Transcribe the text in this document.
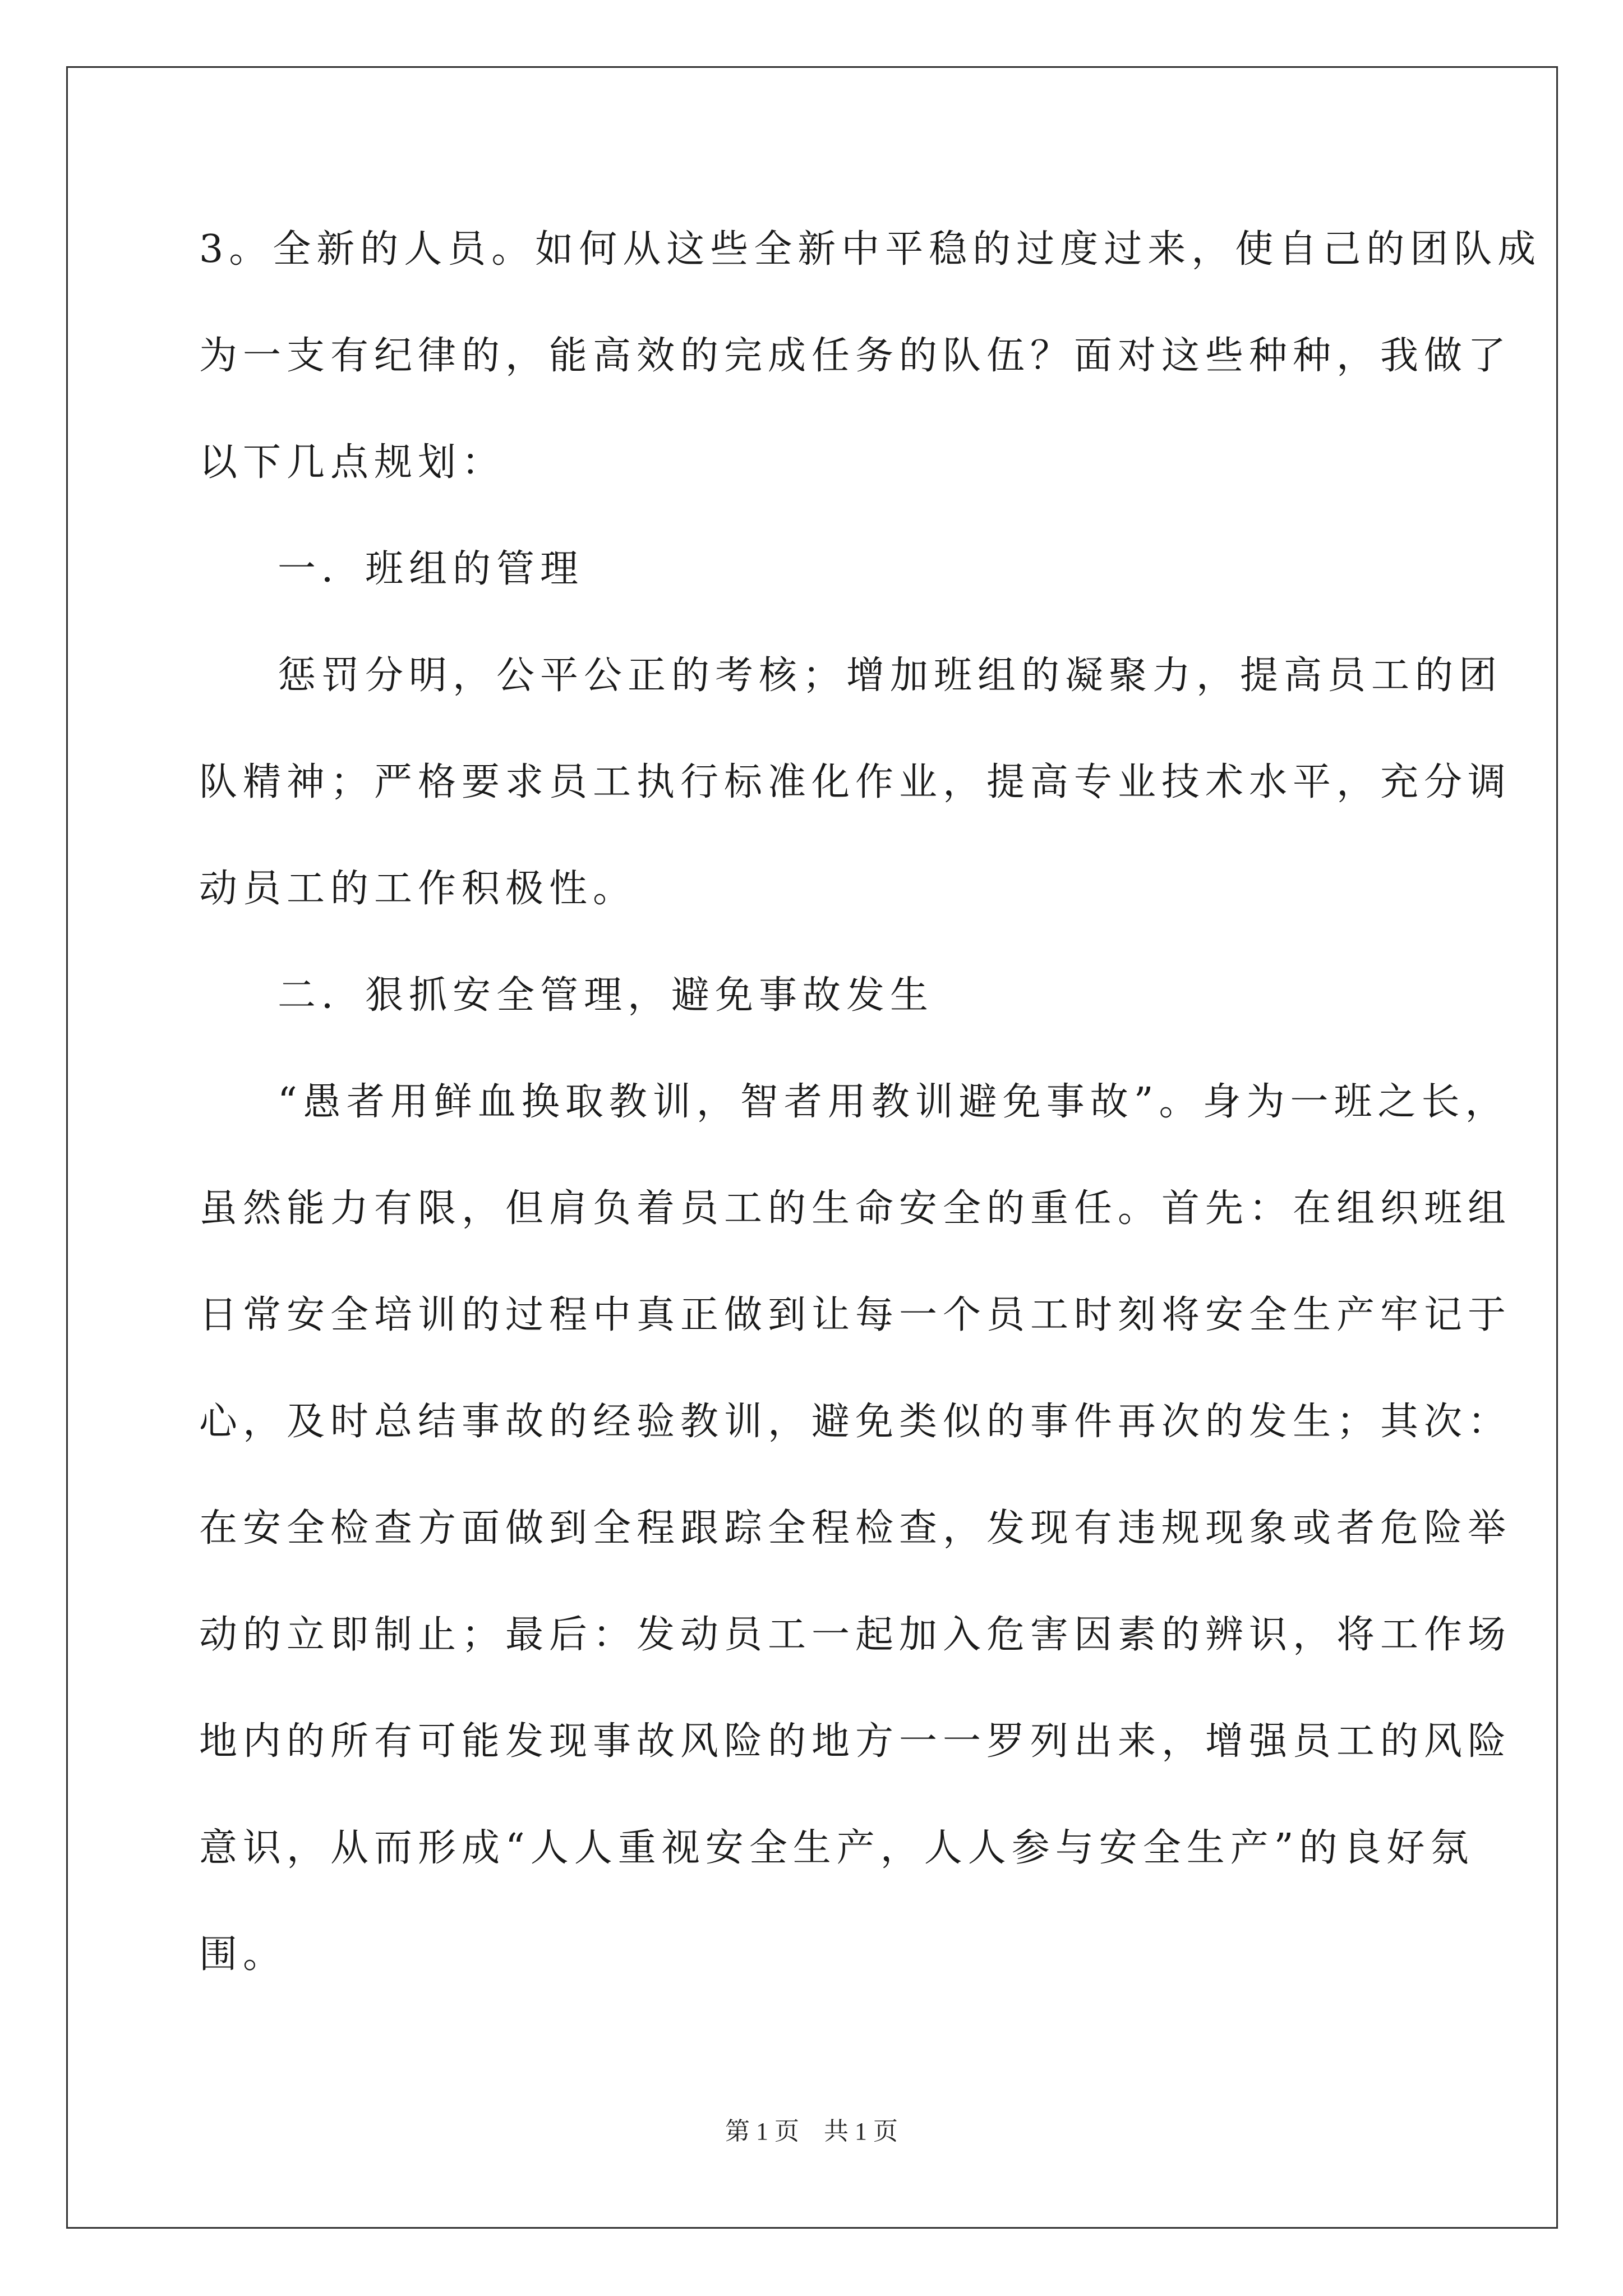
3。全新的人员。如何从这些全新中平稳的过度过来，使自己的团队成
为一支有纪律的，能高效的完成任务的队伍？面对这些种种，我做了
以下几点规划：
一．班组的管理
惩罚分明，公平公正的考核；增加班组的凝聚力，提高员工的团
队精神；严格要求员工执行标准化作业，提高专业技术水平，充分调
动员工的工作积极性。
二．狠抓安全管理，避免事故发生
“愚者用鲜血换取教训，智者用教训避免事故”。身为一班之长，
虽然能力有限，但肩负着员工的生命安全的重任。首先：在组织班组
日常安全培训的过程中真正做到让每一个员工时刻将安全生产牢记于
心，及时总结事故的经验教训，避免类似的事件再次的发生；其次：
在安全检查方面做到全程跟踪全程检查，发现有违规现象或者危险举
动的立即制止；最后：发动员工一起加入危害因素的辨识，将工作场
地内的所有可能发现事故风险的地方一一罗列出来，增强员工的风险
意识，从而形成“人人重视安全生产，人人参与安全生产”的良好氛
围。
第 1 页　共 1 页
